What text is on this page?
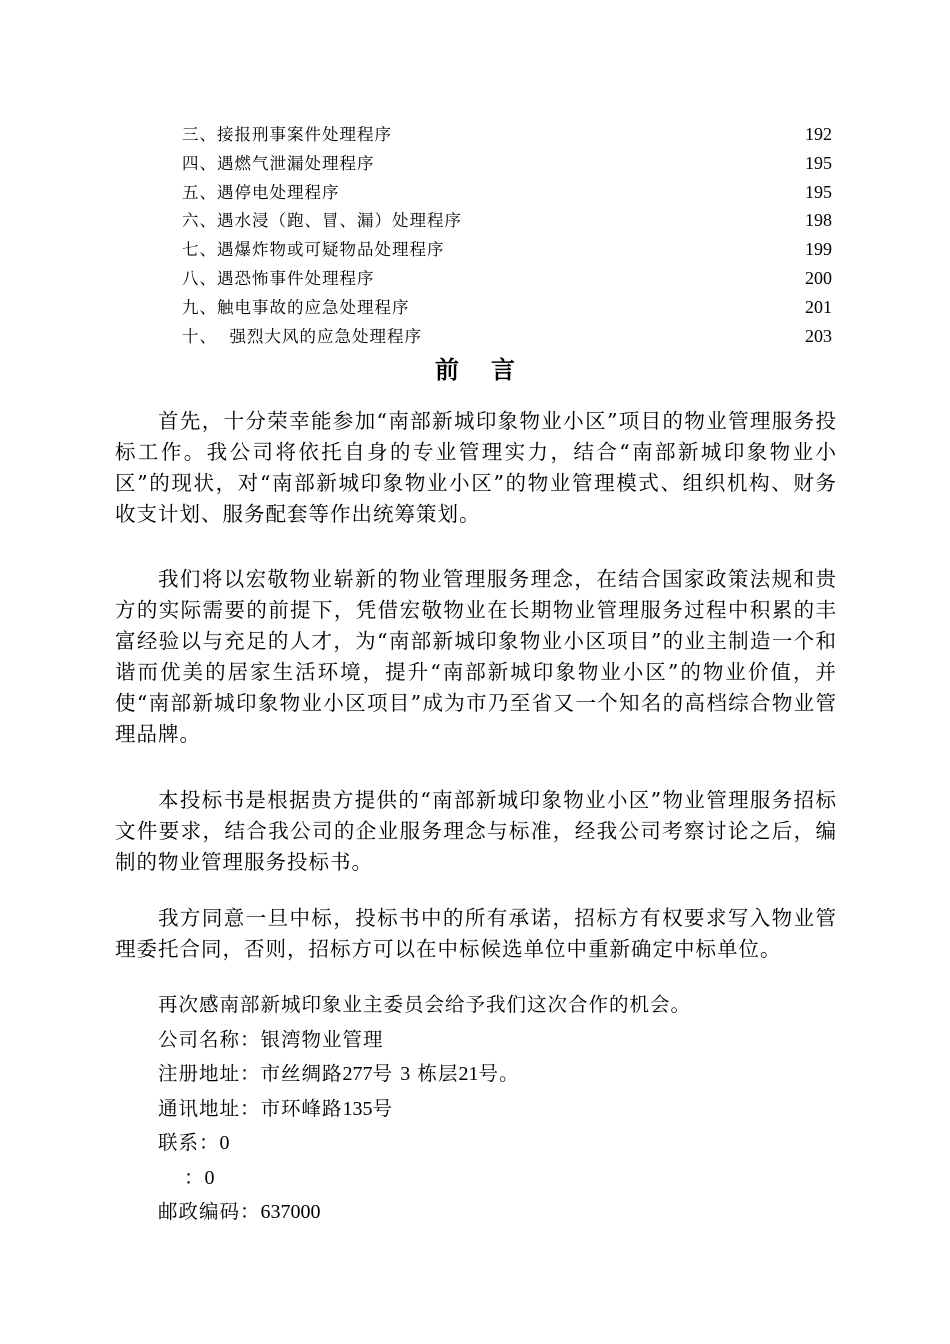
三、接报刑事案件处理程序	192
四、遇燃气泄漏处理程序	195
五、遇停电处理程序	195
六、遇水浸（跑、冒、漏）处理程序	198
七、遇爆炸物或可疑物品处理程序	199
八、遇恐怖事件处理程序	200
九、触电事故的应急处理程序	201
十、  强烈大风的应急处理程序	203
前言

首先，十分荣幸能参加“南部新城印象物业小区”项目的物业管理服务投标工作。我公司将依托自身的专业管理实力，结合“南部新城印象物业小区”的现状，对“南部新城印象物业小区”的物业管理模式、组织机构、财务收支计划、服务配套等作出统筹策划。

我们将以宏敬物业崭新的物业管理服务理念，在结合国家政策法规和贵方的实际需要的前提下，凭借宏敬物业在长期物业管理服务过程中积累的丰富经验以与充足的人才，为“南部新城印象物业小区项目”的业主制造一个和谐而优美的居家生活环境，提升“南部新城印象物业小区”的物业价值，并使“南部新城印象物业小区项目”成为市乃至省又一个知名的高档综合物业管理品牌。

本投标书是根据贵方提供的“南部新城印象物业小区”物业管理服务招标文件要求，结合我公司的企业服务理念与标准，经我公司考察讨论之后，编制的物业管理服务投标书。

我方同意一旦中标，投标书中的所有承诺，招标方有权要求写入物业管理委托合同，否则，招标方可以在中标候选单位中重新确定中标单位。

再次感南部新城印象业主委员会给予我们这次合作的机会。
公司名称：银湾物业管理
注册地址：市丝绸路277号 3 栋层21号。
通讯地址：市环峰路135号
联系：0
：0
邮政编码：637000
